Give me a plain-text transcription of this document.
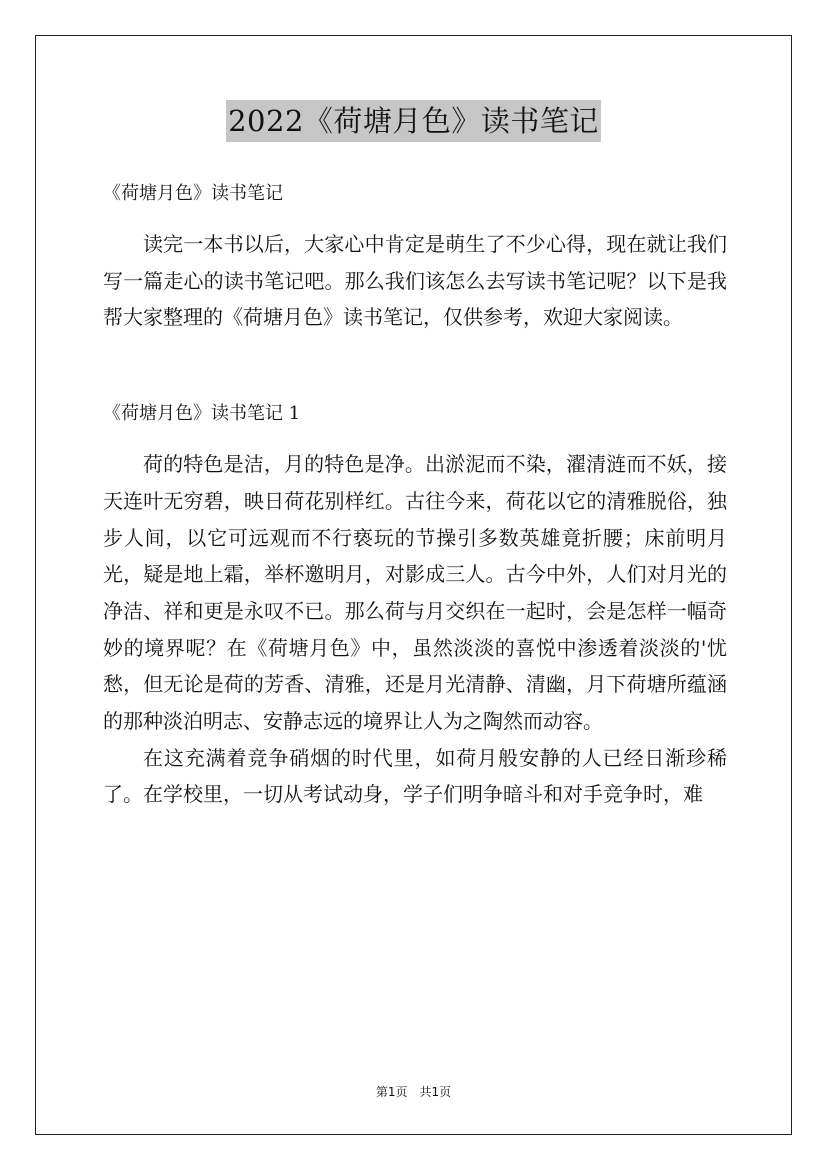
2022《荷塘月色》读书笔记

《荷塘月色》读书笔记

读完一本书以后，大家心中肯定是萌生了不少心得，现在就让我们写一篇走心的读书笔记吧。那么我们该怎么去写读书笔记呢？以下是我帮大家整理的《荷塘月色》读书笔记，仅供参考，欢迎大家阅读。

《荷塘月色》读书笔记 1

荷的特色是洁，月的特色是净。出淤泥而不染，濯清涟而不妖，接天连叶无穷碧，映日荷花别样红。古往今来，荷花以它的清雅脱俗，独步人间，以它可远观而不行亵玩的节操引多数英雄竟折腰；床前明月光，疑是地上霜，举杯邀明月，对影成三人。古今中外，人们对月光的净洁、祥和更是永叹不已。那么荷与月交织在一起时，会是怎样一幅奇妙的境界呢？在《荷塘月色》中，虽然淡淡的喜悦中渗透着淡淡的'忧愁，但无论是荷的芳香、清雅，还是月光清静、清幽，月下荷塘所蕴涵的那种淡泊明志、安静志远的境界让人为之陶然而动容。

在这充满着竞争硝烟的时代里，如荷月般安静的人已经日渐珍稀了。在学校里，一切从考试动身，学子们明争暗斗和对手竞争时，难

第1页 共1页
